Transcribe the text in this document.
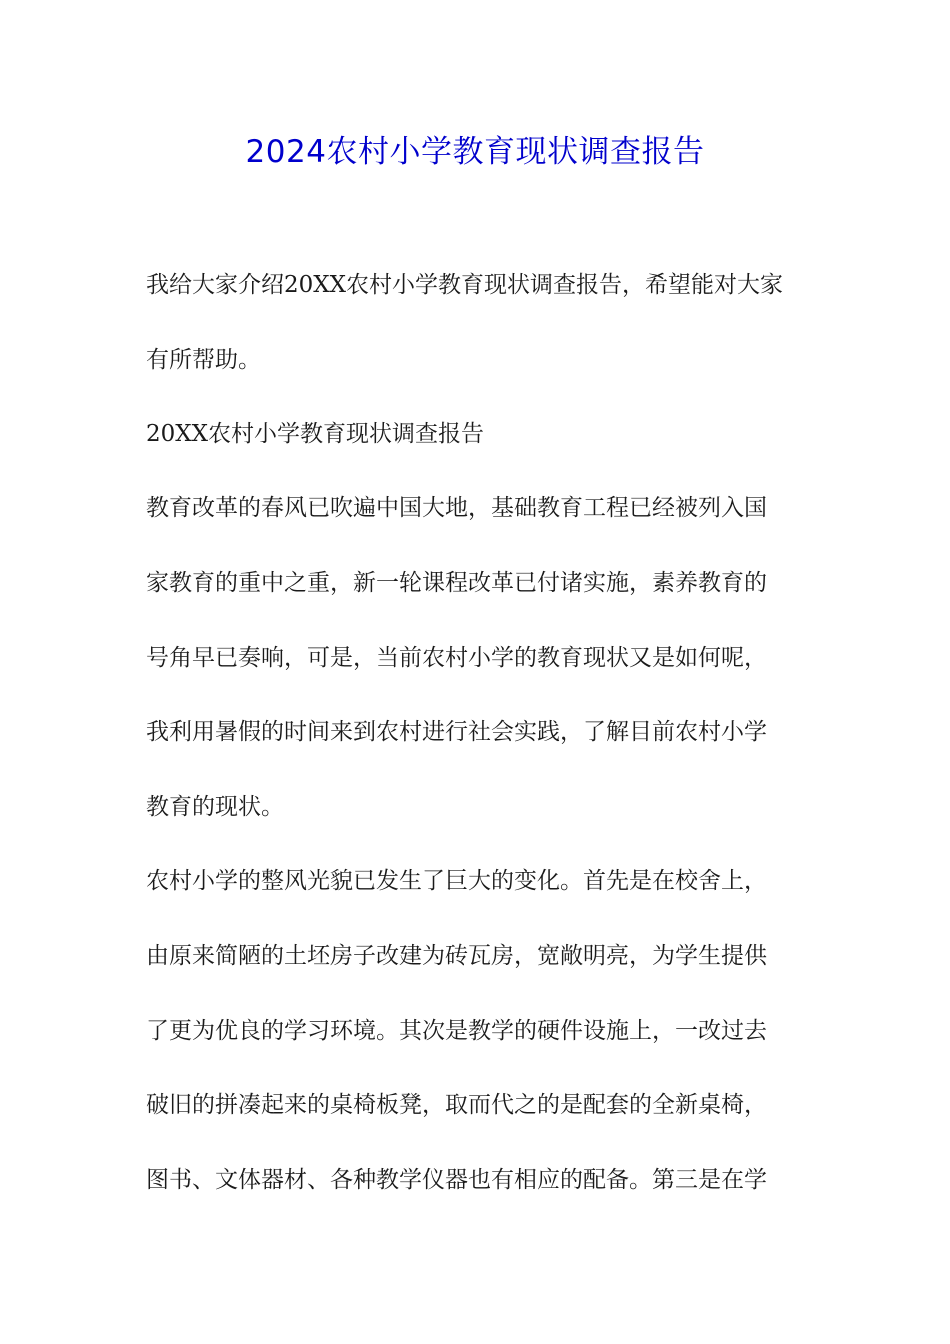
2024农村小学教育现状调查报告
我给大家介绍20XX农村小学教育现状调查报告，希望能对大家
有所帮助。
20XX农村小学教育现状调查报告
教育改革的春风已吹遍中国大地，基础教育工程已经被列入国
家教育的重中之重，新一轮课程改革已付诸实施，素养教育的
号角早已奏响，可是，当前农村小学的教育现状又是如何呢，
我利用暑假的时间来到农村进行社会实践，了解目前农村小学
教育的现状。
农村小学的整风光貌已发生了巨大的变化。首先是在校舍上，
由原来简陋的土坯房子改建为砖瓦房，宽敞明亮，为学生提供
了更为优良的学习环境。其次是教学的硬件设施上，一改过去
破旧的拼凑起来的桌椅板凳，取而代之的是配套的全新桌椅，
图书、文体器材、各种教学仪器也有相应的配备。第三是在学
